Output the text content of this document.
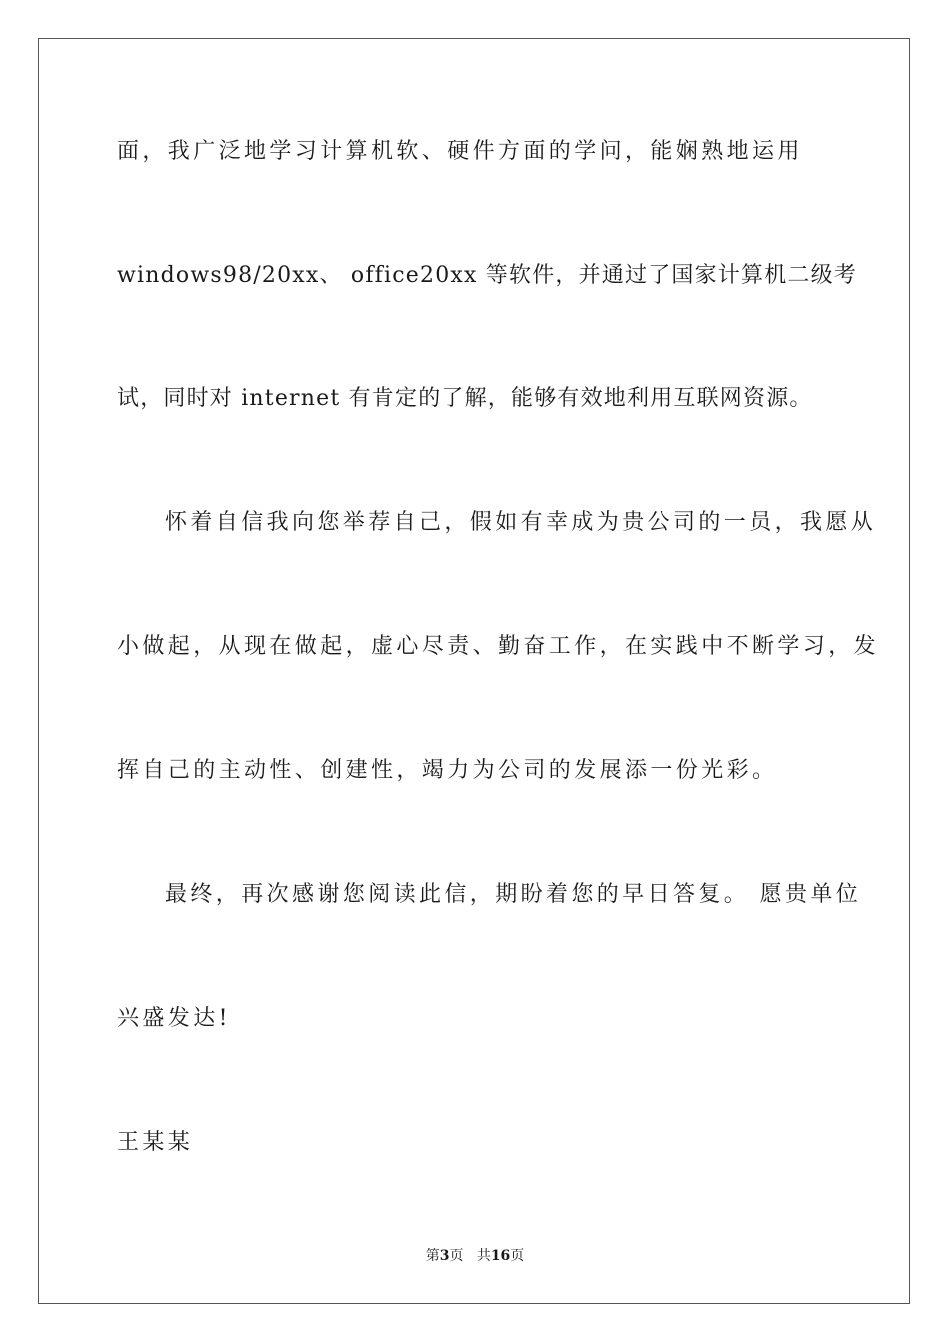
面，我广泛地学习计算机软、硬件方面的学问，能娴熟地运用
windows98/20xx、 office20xx 等软件，并通过了国家计算机二级考
试，同时对 internet 有肯定的了解，能够有效地利用互联网资源。
怀着自信我向您举荐自己，假如有幸成为贵公司的一员，我愿从
小做起，从现在做起，虚心尽责、勤奋工作，在实践中不断学习，发
挥自己的主动性、创建性，竭力为公司的发展添一份光彩。
最终，再次感谢您阅读此信，期盼着您的早日答复。 愿贵单位
兴盛发达!
王某某
第3页 共16页
